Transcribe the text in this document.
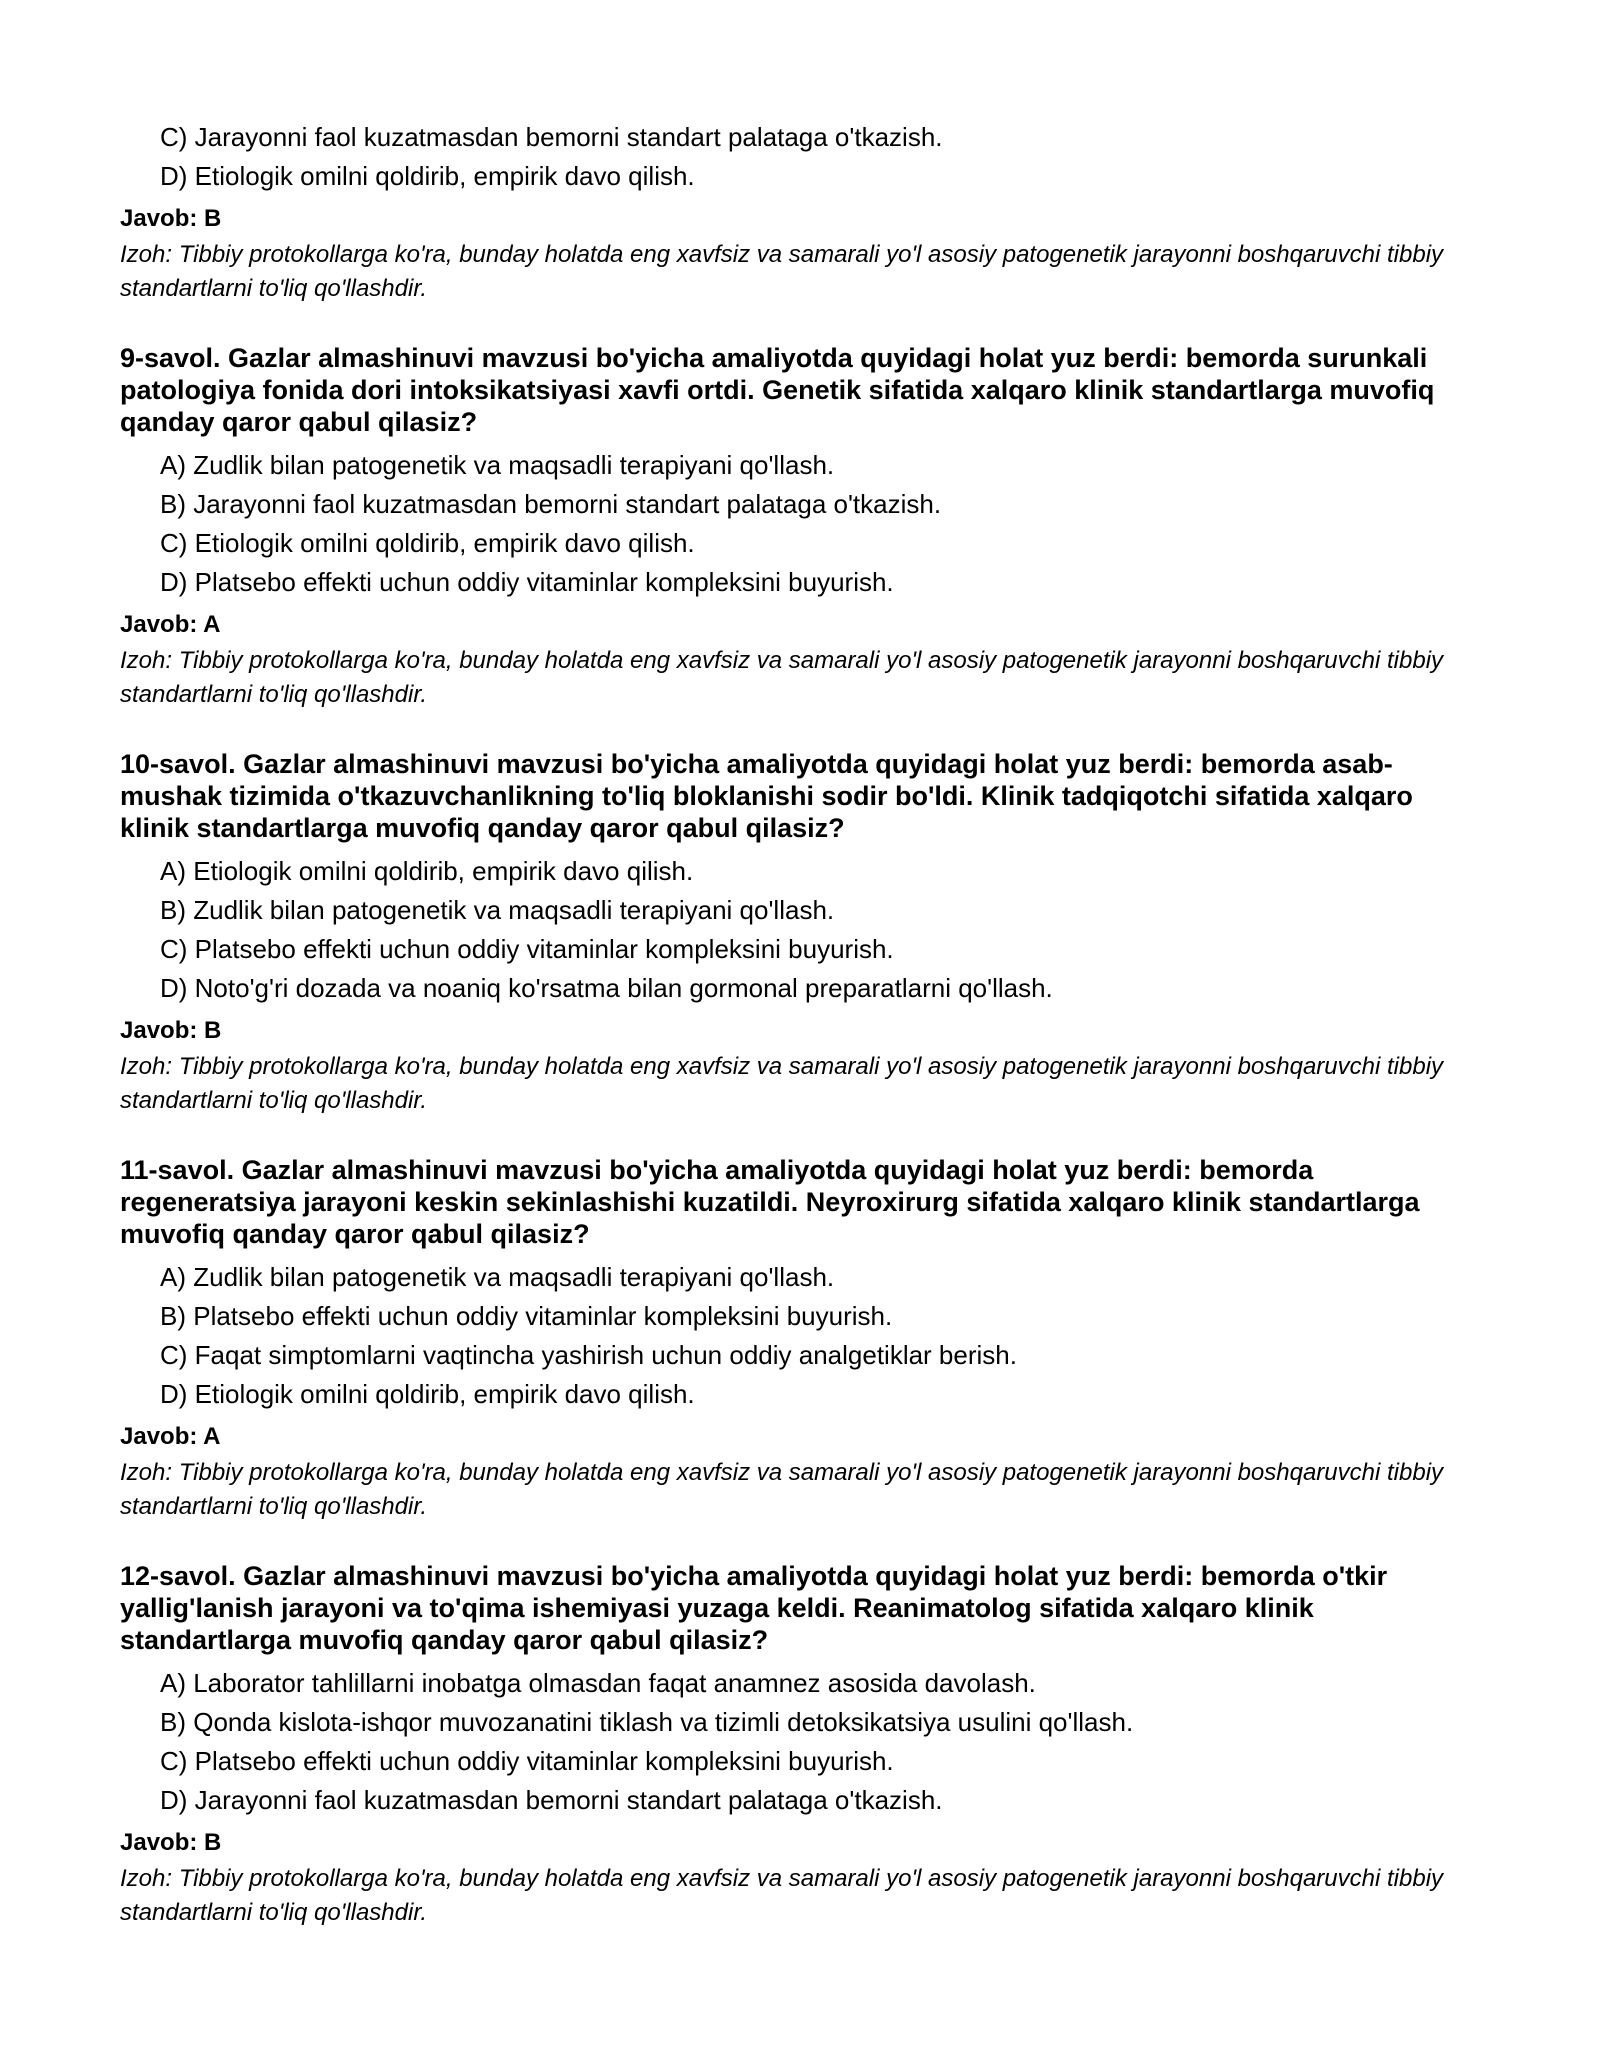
C) Jarayonni faol kuzatmasdan bemorni standart palataga o'tkazish.
D) Etiologik omilni qoldirib, empirik davo qilish.
Javob: B
Izoh: Tibbiy protokollarga ko'ra, bunday holatda eng xavfsiz va samarali yo'l asosiy patogenetik jarayonni boshqaruvchi tibbiy standartlarni to'liq qo'llashdir.
9-savol. Gazlar almashinuvi mavzusi bo'yicha amaliyotda quyidagi holat yuz berdi: bemorda surunkali patologiya fonida dori intoksikatsiyasi xavfi ortdi. Genetik sifatida xalqaro klinik standartlarga muvofiq qanday qaror qabul qilasiz?
A) Zudlik bilan patogenetik va maqsadli terapiyani qo'llash.
B) Jarayonni faol kuzatmasdan bemorni standart palataga o'tkazish.
C) Etiologik omilni qoldirib, empirik davo qilish.
D) Platsebo effekti uchun oddiy vitaminlar kompleksini buyurish.
Javob: A
Izoh: Tibbiy protokollarga ko'ra, bunday holatda eng xavfsiz va samarali yo'l asosiy patogenetik jarayonni boshqaruvchi tibbiy standartlarni to'liq qo'llashdir.
10-savol. Gazlar almashinuvi mavzusi bo'yicha amaliyotda quyidagi holat yuz berdi: bemorda asab-mushak tizimida o'tkazuvchanlikning to'liq bloklanishi sodir bo'ldi. Klinik tadqiqotchi sifatida xalqaro klinik standartlarga muvofiq qanday qaror qabul qilasiz?
A) Etiologik omilni qoldirib, empirik davo qilish.
B) Zudlik bilan patogenetik va maqsadli terapiyani qo'llash.
C) Platsebo effekti uchun oddiy vitaminlar kompleksini buyurish.
D) Noto'g'ri dozada va noaniq ko'rsatma bilan gormonal preparatlarni qo'llash.
Javob: B
Izoh: Tibbiy protokollarga ko'ra, bunday holatda eng xavfsiz va samarali yo'l asosiy patogenetik jarayonni boshqaruvchi tibbiy standartlarni to'liq qo'llashdir.
11-savol. Gazlar almashinuvi mavzusi bo'yicha amaliyotda quyidagi holat yuz berdi: bemorda regeneratsiya jarayoni keskin sekinlashishi kuzatildi. Neyroxirurg sifatida xalqaro klinik standartlarga muvofiq qanday qaror qabul qilasiz?
A) Zudlik bilan patogenetik va maqsadli terapiyani qo'llash.
B) Platsebo effekti uchun oddiy vitaminlar kompleksini buyurish.
C) Faqat simptomlarni vaqtincha yashirish uchun oddiy analgetiklar berish.
D) Etiologik omilni qoldirib, empirik davo qilish.
Javob: A
Izoh: Tibbiy protokollarga ko'ra, bunday holatda eng xavfsiz va samarali yo'l asosiy patogenetik jarayonni boshqaruvchi tibbiy standartlarni to'liq qo'llashdir.
12-savol. Gazlar almashinuvi mavzusi bo'yicha amaliyotda quyidagi holat yuz berdi: bemorda o'tkir yallig'lanish jarayoni va to'qima ishemiyasi yuzaga keldi. Reanimatolog sifatida xalqaro klinik standartlarga muvofiq qanday qaror qabul qilasiz?
A) Laborator tahlillarni inobatga olmasdan faqat anamnez asosida davolash.
B) Qonda kislota-ishqor muvozanatini tiklash va tizimli detoksikatsiya usulini qo'llash.
C) Platsebo effekti uchun oddiy vitaminlar kompleksini buyurish.
D) Jarayonni faol kuzatmasdan bemorni standart palataga o'tkazish.
Javob: B
Izoh: Tibbiy protokollarga ko'ra, bunday holatda eng xavfsiz va samarali yo'l asosiy patogenetik jarayonni boshqaruvchi tibbiy standartlarni to'liq qo'llashdir.
